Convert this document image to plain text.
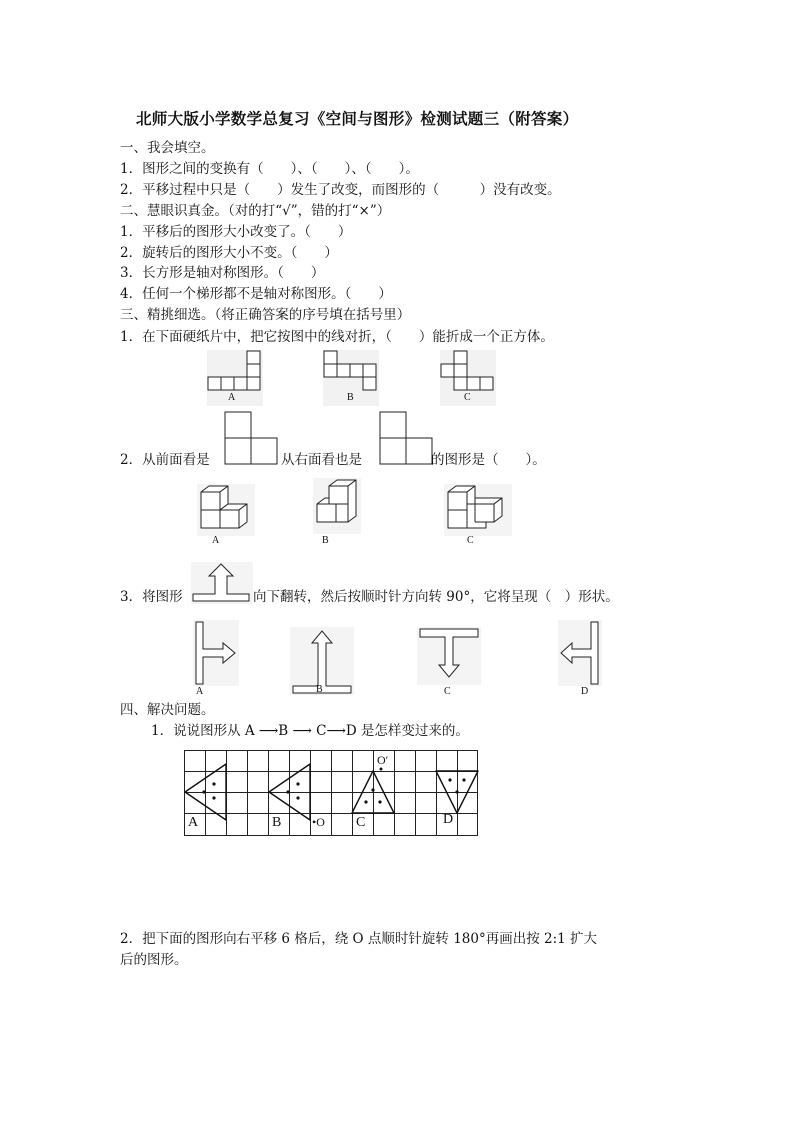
北师大版小学数学总复习《空间与图形》检测试题三（附答案）
一、我会填空。
1．图形之间的变换有（　　）、（　　）、（　　）。
2．平移过程中只是（　　）发生了改变，而图形的（　　　）没有改变。
二、慧眼识真金。（对的打“√”，错的打“×”）
1．平移后的图形大小改变了。（　　）
2．旋转后的图形大小不变。（　　）
3．长方形是轴对称图形。（　　）
4．任何一个梯形都不是轴对称图形。（　　）
三、精挑细选。（将正确答案的序号填在括号里）
1．在下面硬纸片中，把它按图中的线对折，（　　）能折成一个正方体。
A	B	C
2．从前面看是	从右面看也是	的图形是（　　）。
A	B	C
3．将图形	向下翻转，然后按顺时针方向转 90°，它将呈现（　）形状。
A	B	C	D
四、解决问题。
1．说说图形从 A ⟶B ⟶ C⟶D 是怎样变过来的。
A	B	C	D
•O
O′
2．把下面的图形向右平移 6 格后，绕 O 点顺时针旋转 180°再画出按 2:1 扩大
后的图形。
